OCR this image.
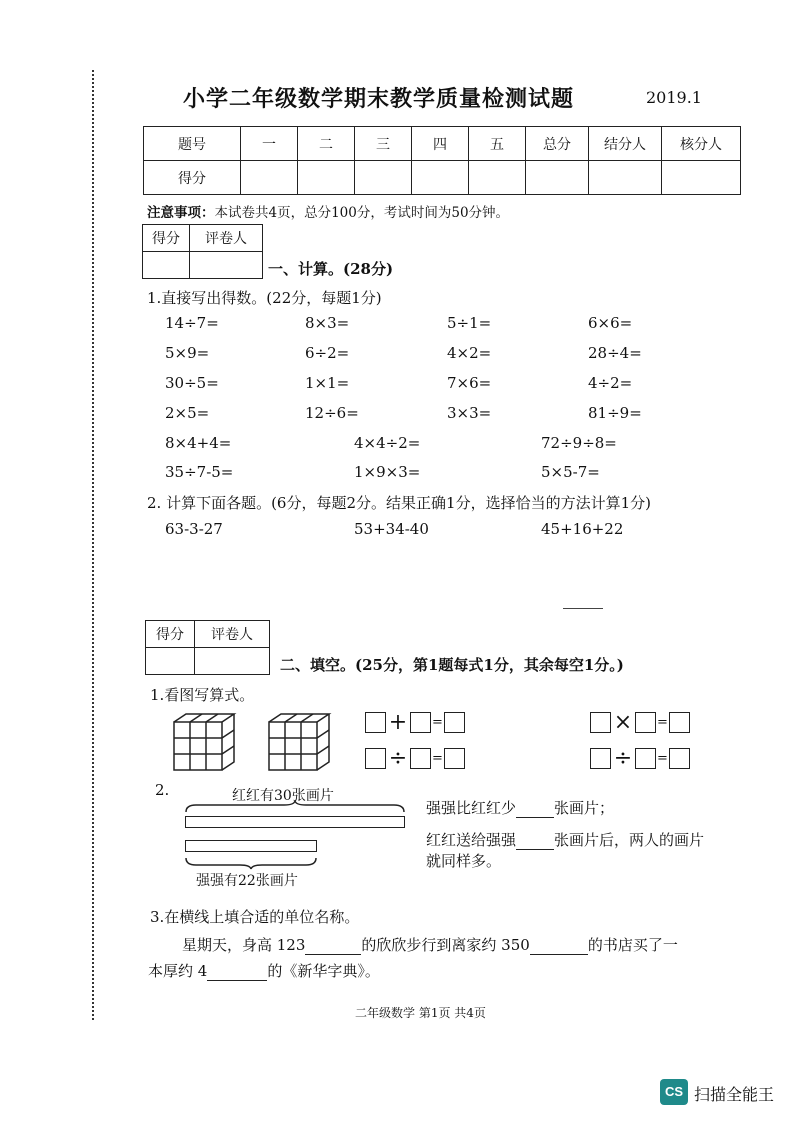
小学二年级数学期末教学质量检测试题	2019.1
题号	一	二	三	四	五	总分	结分人	核分人
得分								
注意事项：本试卷共4页，总分100分，考试时间为50分钟。
得分	评卷人

一、计算。(28分)
1.直接写出得数。(22分，每题1分)
14÷7=	8×3=	5÷1=	6×6=
5×9=	6÷2=	4×2=	28÷4=
30÷5=	1×1=	7×6=	4÷2=
2×5=	12÷6=	3×3=	81÷9=
8×4+4=	4×4÷2=	72÷9÷8=
35÷7-5=	1×9×3=	5×5-7=
2. 计算下面各题。(6分，每题2分。结果正确1分，选择恰当的方法计算1分)
63-3-27	53+34-40	45+16+22
得分	评卷人

二、填空。(25分，第1题每式1分，其余每空1分。)
1.看图写算式。
+ =
÷ =
× =
÷ =
2.	红红有30张画片
强强有22张画片
强强比红红少	张画片；
红红送给强强	张画片后，两人的画片
就同样多。
3.在横线上填合适的单位名称。
星期天，身高 123	的欣欣步行到离家约 350	的书店买了一
本厚约 4	的《新华字典》。
二年级数学 第1页 共4页
CS 扫描全能王
